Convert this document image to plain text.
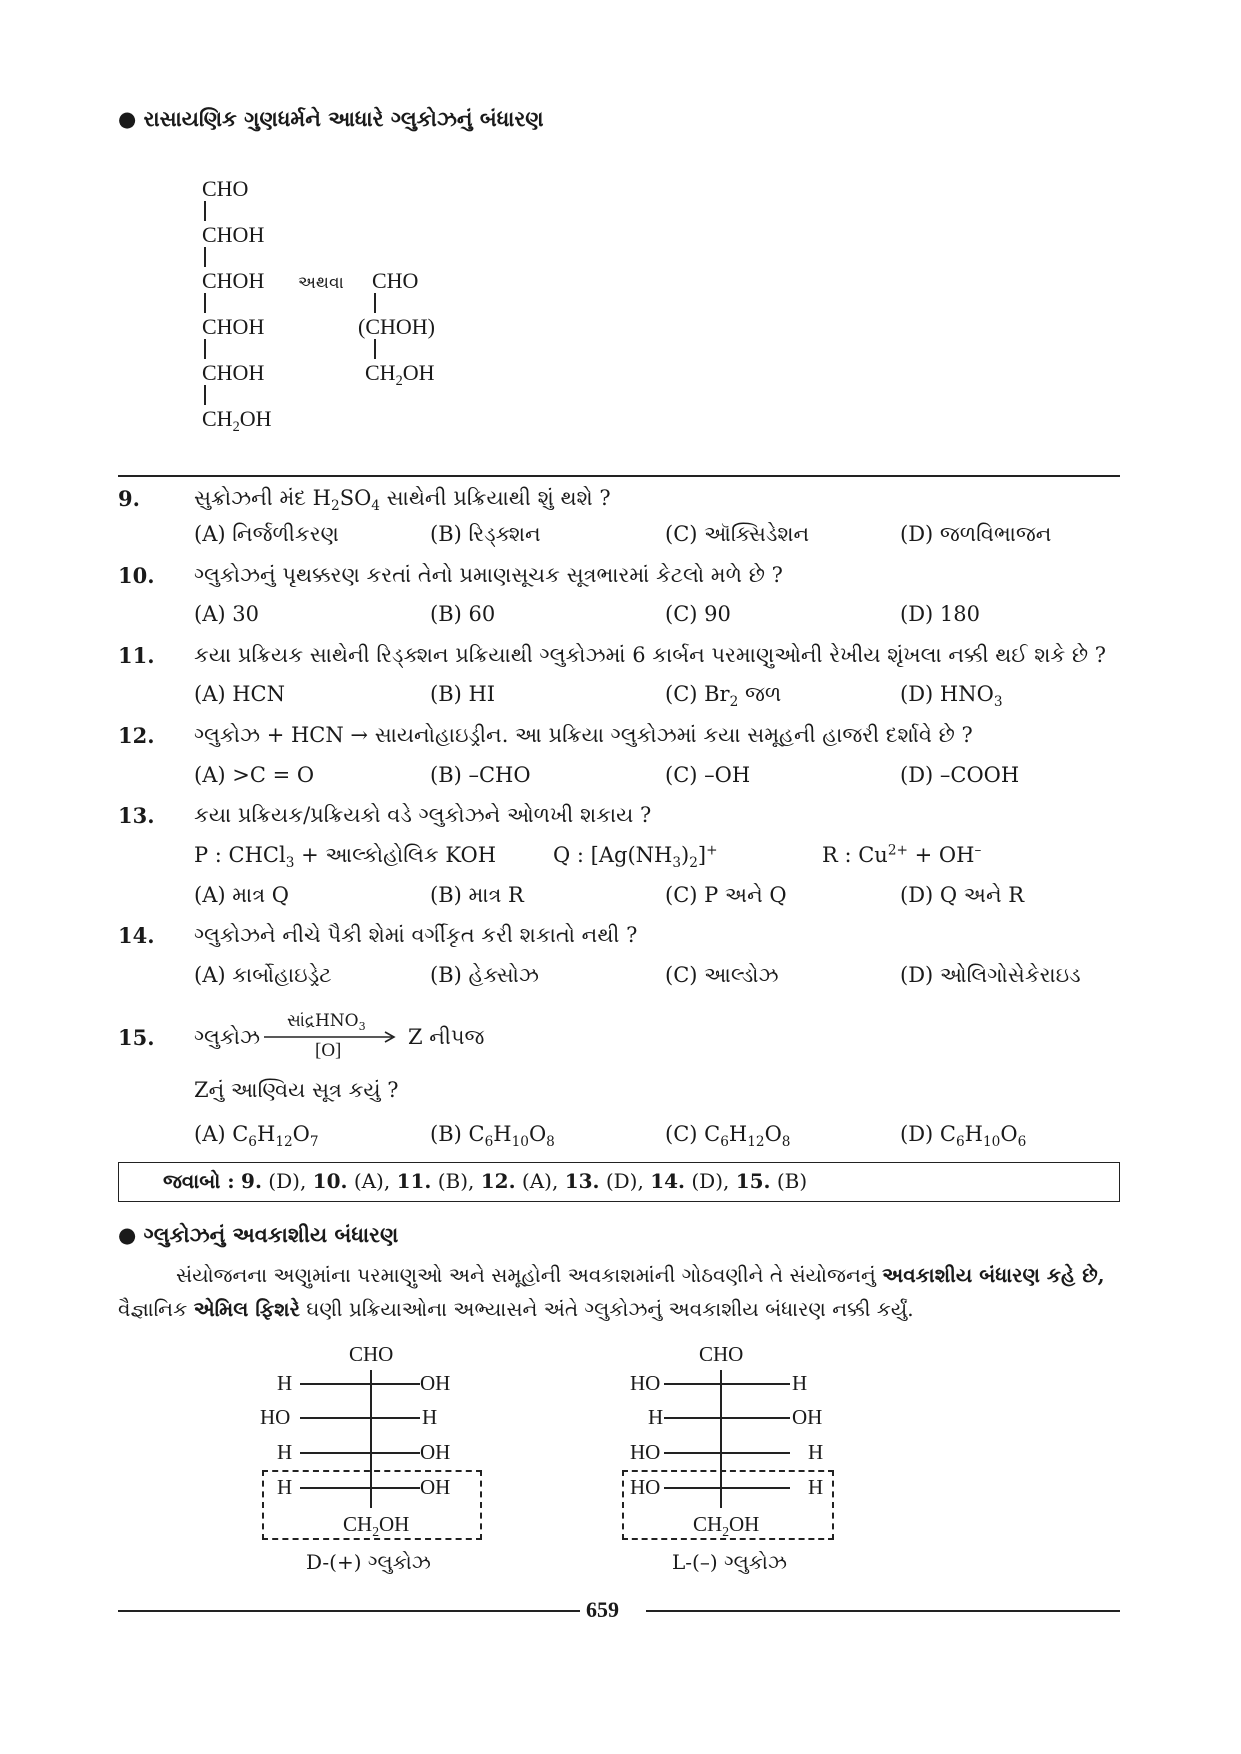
● રાસાયણિક ગુણધર્મને આધારે ગ્લુકોઝનું બંધારણ
CHO
CHOH
CHOH
CHOH
CHOH
$CH_2OH$
અથવા CHO
(CHOH)
$CH_2OH$
9.	સુક્રોઝની મંદ $H_2SO_4$ સાથેની પ્રક્રિયાથી શું થશે ?
(A) નિર્જળીકરણ	(B) રિડ્ક્શન	(C) ઑક્સિડેશન	(D) જળવિભાજન
10. ગ્લુકોઝનું પૃથક્કરણ કરતાં તેનો પ્રમાણસૂચક સૂત્રભારમાં કેટલો મળે છે ?
(A) 30	(B) 60	(C) 90	(D) 180
11. કયા પ્રક્રિયક સાથેની રિડ્ક્શન પ્રક્રિયાથી ગ્લુકોઝમાં 6 કાર્બન પરમાણુઓની રેખીય શૃંખલા નક્કી થઈ શકે છે ?
(A) HCN	(B) HI	(C) $Br_2$ જળ	(D) $HNO_3$
12. ગ્લુકોઝ + HCN → સાયનોહાઇડ્રીન. આ પ્રક્રિયા ગ્લુકોઝમાં કયા સમૂહની હાજરી દર્શાવે છે ?
(A) >C = O	(B) –CHO	(C) –OH	(D) –COOH
13. કયા પ્રક્રિયક/પ્રક્રિયકો વડે ગ્લુકોઝને ઓળખી શકાય ?
P : CHCl$_3$ + આલ્કોહોલિક KOH	Q : $[Ag(NH_3)_2]^+$	R : $Cu^{2+} + OH^-$
(A) માત્ર Q	(B) માત્ર R	(C) P અને Q	(D) Q અને R
14. ગ્લુકોઝને નીચે પૈકી શેમાં વર્ગીકૃત કરી શકાતો નથી ?
(A) કાર્બોહાઇડ્રેટ	(B) હેક્સોઝ	(C) આલ્ડોઝ	(D) ઓલિગોસેકેરાઇડ
15. ગ્લુકોઝ
સાંદ્રHNO$_3$
[O]
Z નીપજ
Zનું આણ્વિય સૂત્ર કયું ?
(A) $C_6H_{12}O_7$	(B) $C_6H_{10}O_8$	(C) $C_6H_{12}O_8$	(D) $C_6H_{10}O_6$
જવાબો : 9. (D), 10. (A), 11. (B), 12. (A), 13. (D), 14. (D), 15. (B)
● ગ્લુકોઝનું અવકાશીય બંધારણ
સંયોજનના અણુમાંના પરમાણુઓ અને સમૂહોની અવકાશમાંની ગોઠવણીને તે સંયોજનનું અવકાશીય બંધારણ કહે છે,
વૈજ્ઞાનિક એમિલ ફિશરે ઘણી પ્રક્રિયાઓના અભ્યાસને અંતે ગ્લુકોઝનું અવકાશીય બંધારણ નક્કી કર્યું.
CHO
H	OH
HO	H
H	OH
H	OH
$CH_2OH$
D-(+) ગ્લુકોઝ
CHO
HO	H
H	OH
HO	H
HO	H
$CH_2OH$
L-(–) ગ્લુકોઝ
659
